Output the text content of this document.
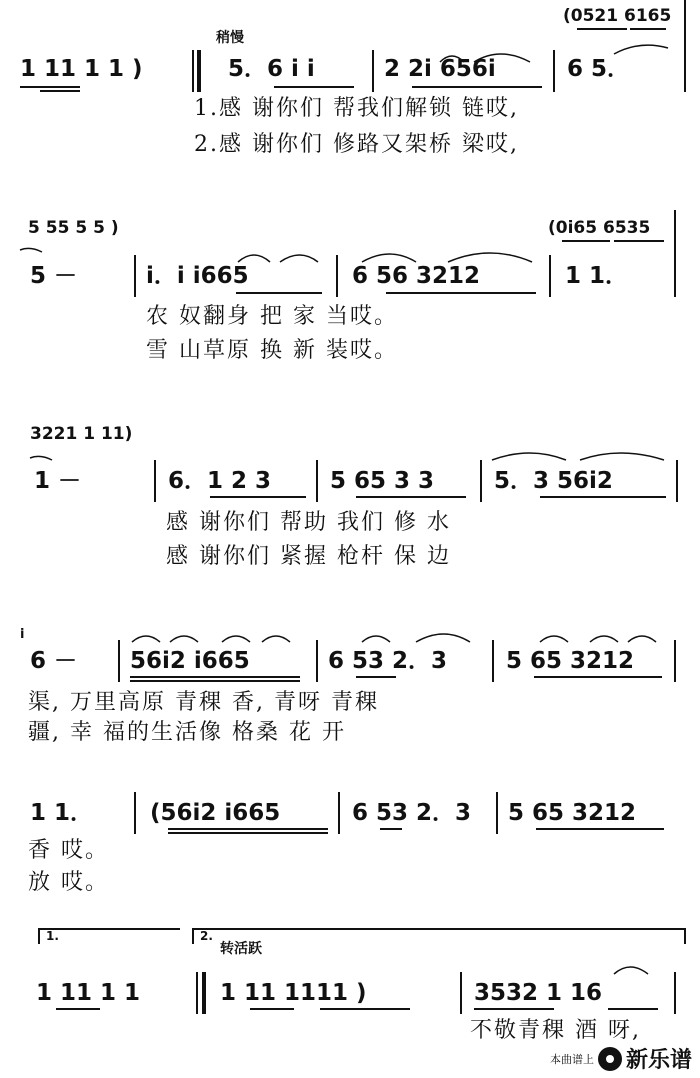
稍慢
(0521 6165
1 11 1 1 )	5．6 i i	2 2i 656i	6 5．
1.感 谢你们 帮我们解锁 链哎,
2.感 谢你们 修路又架桥 梁哎,
5 55 5 5 )	(0i65 6535
5 －	i．i i665	6 56 3212	1 1．
农 奴翻身 把 家 当哎。
雪 山草原 换 新 装哎。
3221 1 11)
1 －	6．1 2 3	5 65 3 3	5．3 56i2
感 谢你们 帮助 我们 修 水
感 谢你们 紧握 枪杆 保 边
i
6 － 56i2 i665	6 53 2．3	5 65 3212
渠, 万里高原 青稞 香, 青呀 青稞
疆, 幸 福的生活像 格桑 花 开
1 1． (56i2 i665	6 53 2．3 5 65 3212
香 哎。
放 哎。
1.	2.
转活跃
1 11 1 1	1 11 1111 )	3532 1 16
不敬青稞 酒 呀,
本曲谱上 新乐谱
